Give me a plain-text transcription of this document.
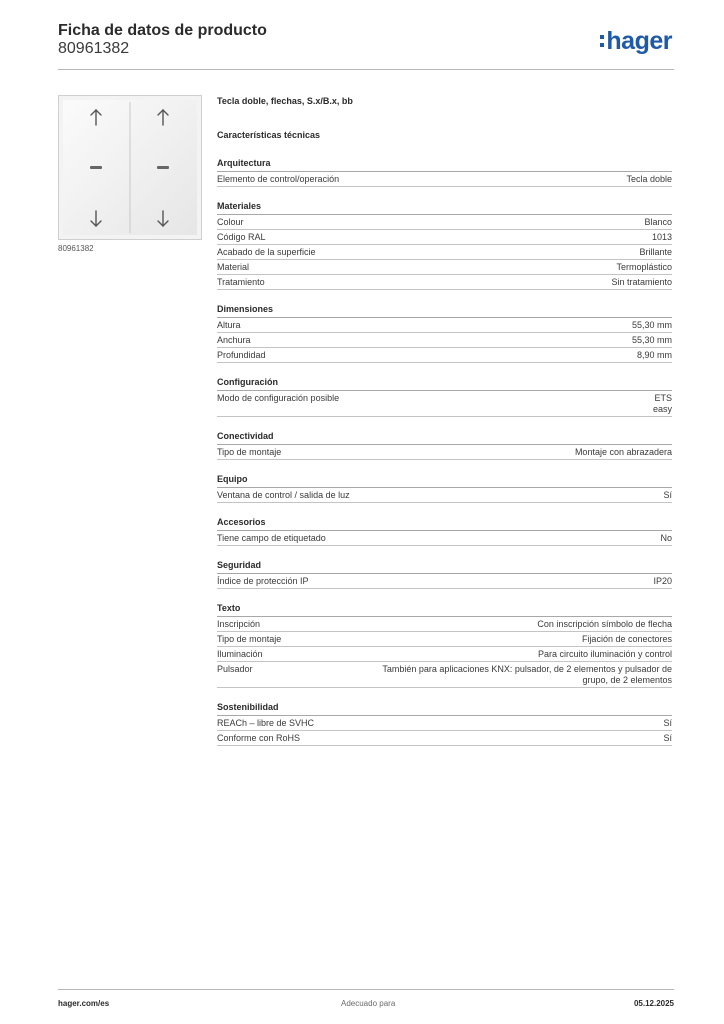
Ficha de datos de producto
80961382	hager
80961382
Tecla doble, flechas, S.x/B.x, bb
Características técnicas
Arquitectura
Elemento de control/operación	Tecla doble
Materiales
Colour	Blanco
Código RAL	1013
Acabado de la superficie	Brillante
Material	Termoplástico
Tratamiento	Sin tratamiento
Dimensiones
Altura	55,30 mm
Anchura	55,30 mm
Profundidad	8,90 mm
Configuración
Modo de configuración posible	ETS
easy
Conectividad
Tipo de montaje	Montaje con abrazadera
Equipo
Ventana de control / salida de luz	Sí
Accesorios
Tiene campo de etiquetado	No
Seguridad
Índice de protección IP	IP20
Texto
Inscripción	Con inscripción símbolo de flecha
Tipo de montaje	Fijación de conectores
Iluminación	Para circuito iluminación y control
Pulsador	También para aplicaciones KNX: pulsador, de 2 elementos y pulsador de
grupo, de 2 elementos
Sostenibilidad
REACh – libre de SVHC	Sí
Conforme con RoHS	Sí
hager.com/es	Adecuado para	05.12.2025
